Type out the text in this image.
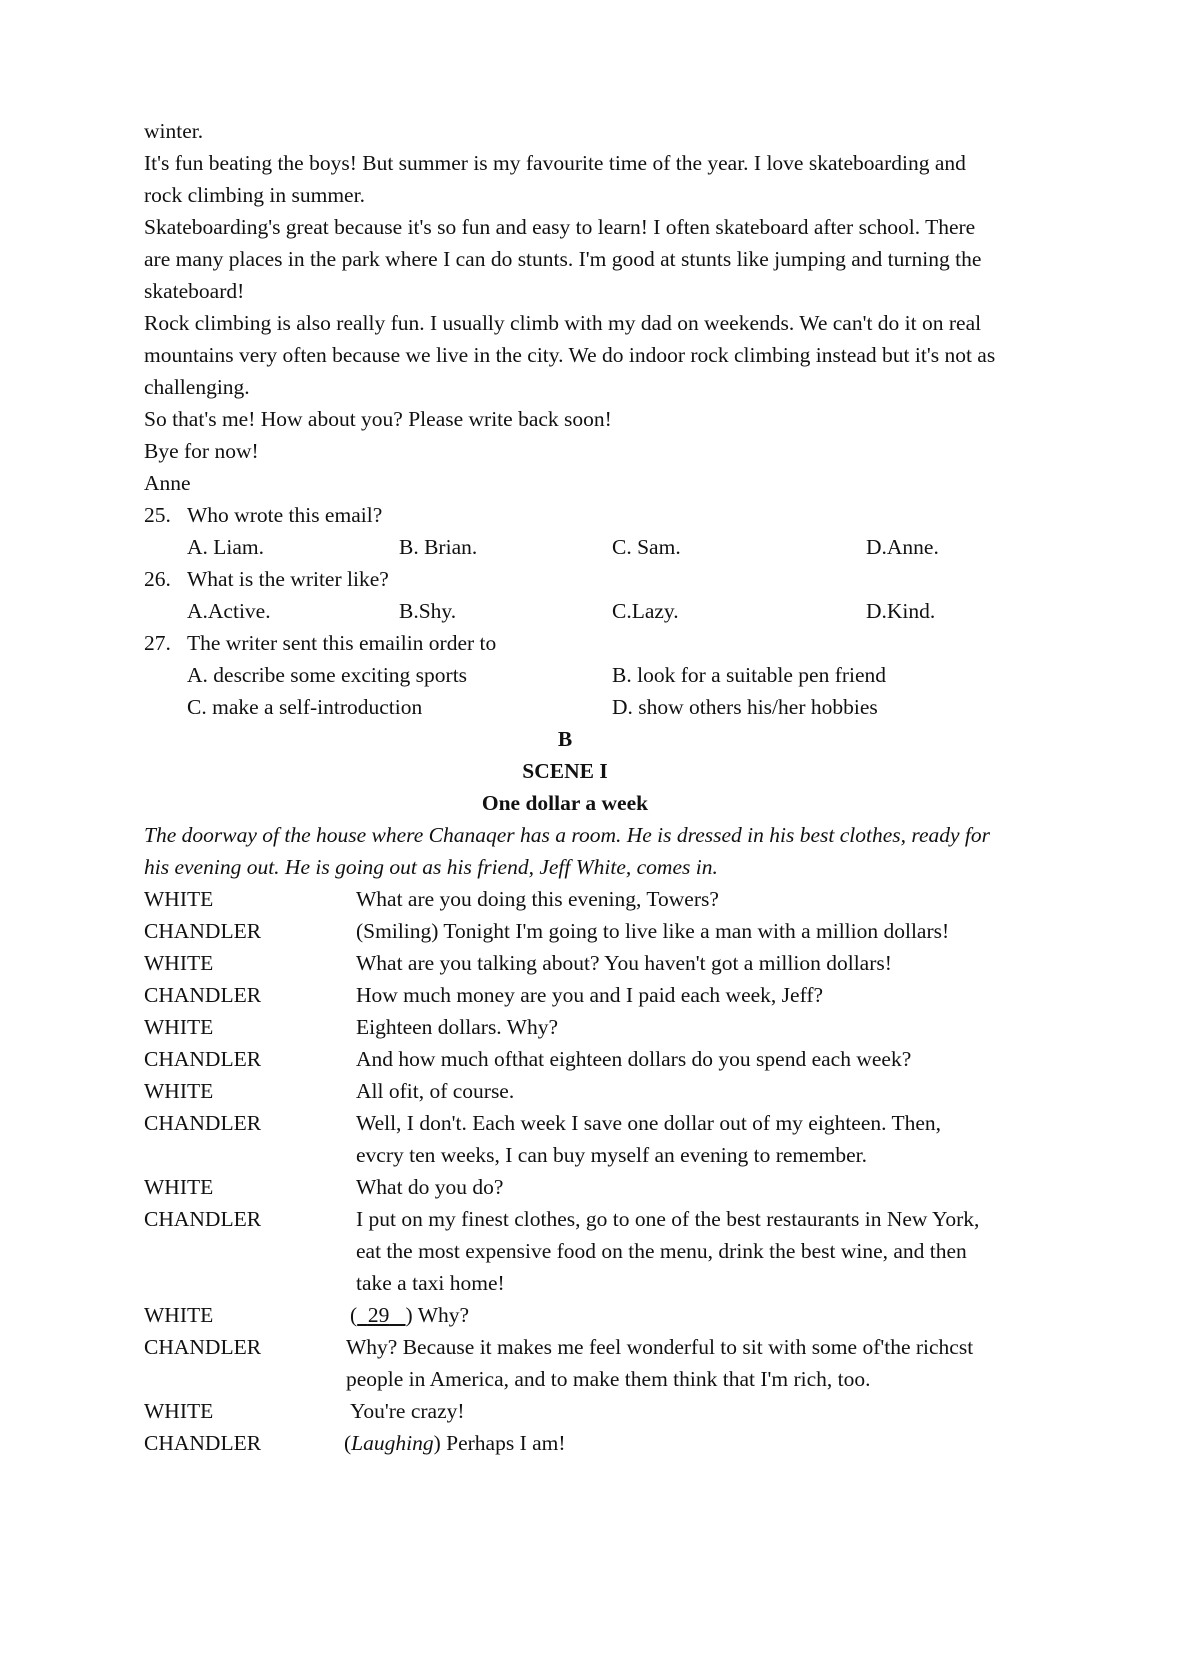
winter.
It's fun beating the boys! But summer is my favourite time of the year. I love skateboarding and
rock climbing in summer.
Skateboarding's great because it's so fun and easy to learn! I often skateboard after school. There
are many places in the park where I can do stunts. I'm good at stunts like jumping and turning the
skateboard!
Rock climbing is also really fun. I usually climb with my dad on weekends. We can't do it on real
mountains very often because we live in the city. We do indoor rock climbing instead but it's not as
challenging.
So that's me! How about you? Please write back soon!
Bye for now!
Anne
25. Who wrote this email?
A. Liam.	B. Brian.	C. Sam.	D.Anne.
26. What is the writer like?
A.Active.	B.Shy.	C.Lazy.	D.Kind.
27. The writer sent this emailin order to
A. describe some exciting sports	B. look for a suitable pen friend
C. make a self-introduction	D. show others his/her hobbies
B
SCENE I
One dollar a week
The doorway of the house where Chanaqer has a room. He is dressed in his best clothes, ready for
his evening out. He is going out as his friend, Jeff White, comes in.
WHITE	What are you doing this evening, Towers?
CHANDLER	(Smiling) Tonight I'm going to live like a man with a million dollars!
WHITE	What are you talking about? You haven't got a million dollars!
CHANDLER	How much money are you and I paid each week, Jeff?
WHITE	Eighteen dollars. Why?
CHANDLER	And how much ofthat eighteen dollars do you spend each week?
WHITE	All ofit, of course.
CHANDLER	Well, I don't. Each week I save one dollar out of my eighteen. Then,
evcry ten weeks, I can buy myself an evening to remember.
WHITE	What do you do?
CHANDLER	I put on my finest clothes, go to one of the best restaurants in New York,
eat the most expensive food on the menu, drink the best wine, and then
take a taxi home!
WHITE	( 29 ) Why?
CHANDLER	Why? Because it makes me feel wonderful to sit with some of'the richcst
people in America, and to make them think that I'm rich, too.
WHITE	You're crazy!
CHANDLER	(Laughing) Perhaps I am!
